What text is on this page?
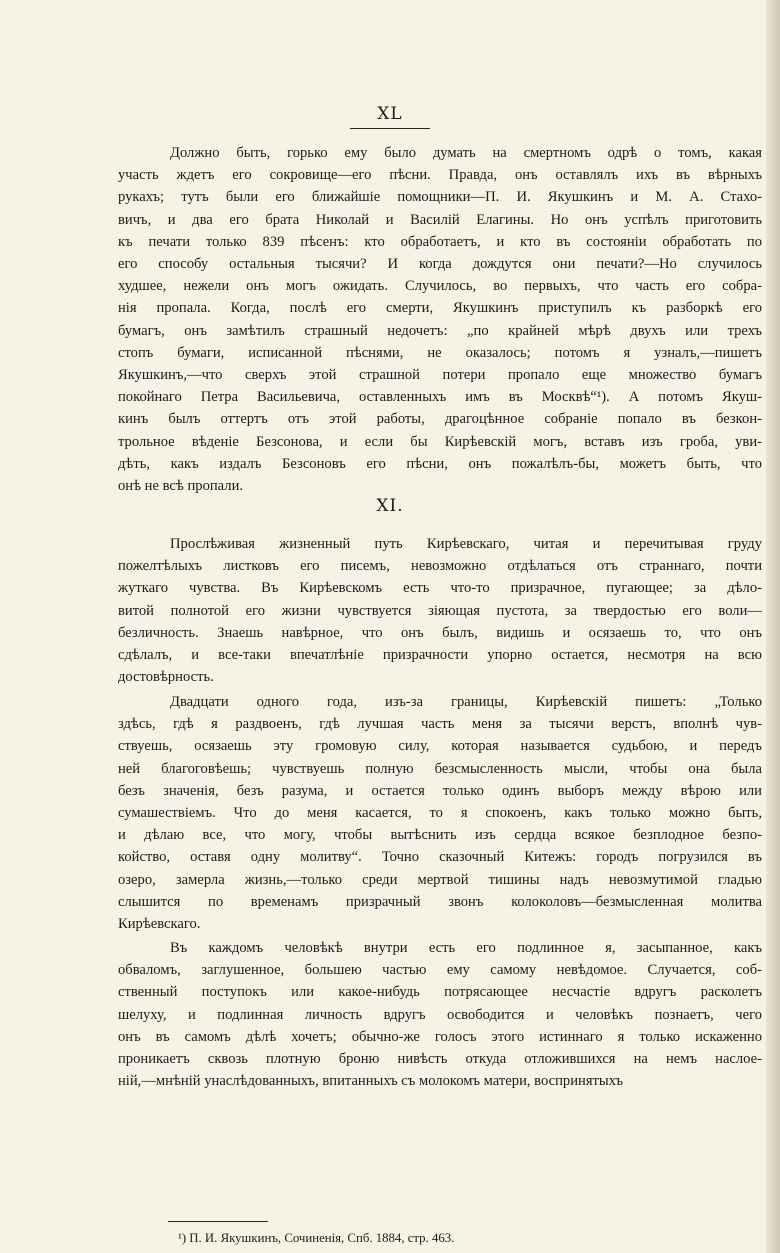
XL
Должно быть, горько ему было думать на смертномъ одрѣ о томъ, какая
участь ждетъ его сокровище—его пѣсни. Правда, онъ оставлялъ ихъ въ вѣрныхъ
рукахъ; тутъ были его ближайшіе помощники—П. И. Якушкинъ и М. А. Стахо-
вичъ, и два его брата Николай и Василій Елагины. Но онъ успѣлъ приготовить
къ печати только 839 пѣсенъ: кто обработаетъ, и кто въ состояніи обработать по
его способу остальныя тысячи? И когда дождутся они печати?—Но случилось
худшее, нежели онъ могъ ожидать. Случилось, во первыхъ, что часть его собра-
нія пропала. Когда, послѣ его смерти, Якушкинъ приступилъ къ разборкѣ его
бумагъ, онъ замѣтилъ страшный недочетъ: „по крайней мѣрѣ двухъ или трехъ
стопъ бумаги, исписанной пѣснями, не оказалось; потомъ я узналъ,—пишетъ
Якушкинъ,—что сверхъ этой страшной потери пропало еще множество бумагъ
покойнаго Петра Васильевича, оставленныхъ имъ въ Москвѣ“¹). А потомъ Якуш-
кинъ былъ оттертъ отъ этой работы, драгоцѣнное собраніе попало въ безкон-
трольное вѣденіе Безсонова, и если бы Кирѣевскій могъ, вставъ изъ гроба, уви-
дѣть, какъ издалъ Безсоновъ его пѣсни, онъ пожалѣлъ-бы, можетъ быть, что
онѣ не всѣ пропали.
XI.
Прослѣживая жизненный путь Кирѣевскаго, читая и перечитывая груду
пожелтѣлыхъ листковъ его писемъ, невозможно отдѣлаться отъ страннаго, почти
жуткаго чувства. Въ Кирѣевскомъ есть что-то призрачное, пугающее; за дѣло-
витой полнотой его жизни чувствуется зіяющая пустота, за твердостью его воли—
безличность. Знаешь навѣрное, что онъ былъ, видишь и осязаешь то, что онъ
сдѣлалъ, и все-таки впечатлѣніе призрачности упорно остается, несмотря на всю
достовѣрность.
Двадцати одного года, изъ-за границы, Кирѣевскій пишетъ: „Только
здѣсь, гдѣ я раздвоенъ, гдѣ лучшая часть меня за тысячи верстъ, вполнѣ чув-
ствуешь, осязаешь эту громовую силу, которая называется судьбою, и передъ
ней благоговѣешь; чувствуешь полную безсмысленность мысли, чтобы она была
безъ значенія, безъ разума, и остается только одинъ выборъ между вѣрою или
сумашествіемъ. Что до меня касается, то я спокоенъ, какъ только можно быть,
и дѣлаю все, что могу, чтобы вытѣснить изъ сердца всякое безплодное безпо-
койство, оставя одну молитву“. Точно сказочный Китежъ: городъ погрузился въ
озеро, замерла жизнь,—только среди мертвой тишины надъ невозмутимой гладью
слышится по временамъ призрачный звонъ колоколовъ—безмысленная молитва
Кирѣевскаго.
Въ каждомъ человѣкѣ внутри есть его подлинное я, засыпанное, какъ
обваломъ, заглушенное, большею частью ему самому невѣдомое. Случается, соб-
ственный поступокъ или какое-нибудь потрясающее несчастіе вдругъ расколетъ
шелуху, и подлинная личность вдругъ освободится и человѣкъ познаетъ, чего
онъ въ самомъ дѣлѣ хочетъ; обычно-же голосъ этого истиннаго я только искаженно
проникаетъ сквозь плотную броню нивѣсть откуда отложившихся на немъ наслое-
ній,—мнѣній унаслѣдованныхъ, впитанныхъ съ молокомъ матери, воспринятыхъ
¹) П. И. Якушкинъ, Сочиненія, Спб. 1884, стр. 463.
